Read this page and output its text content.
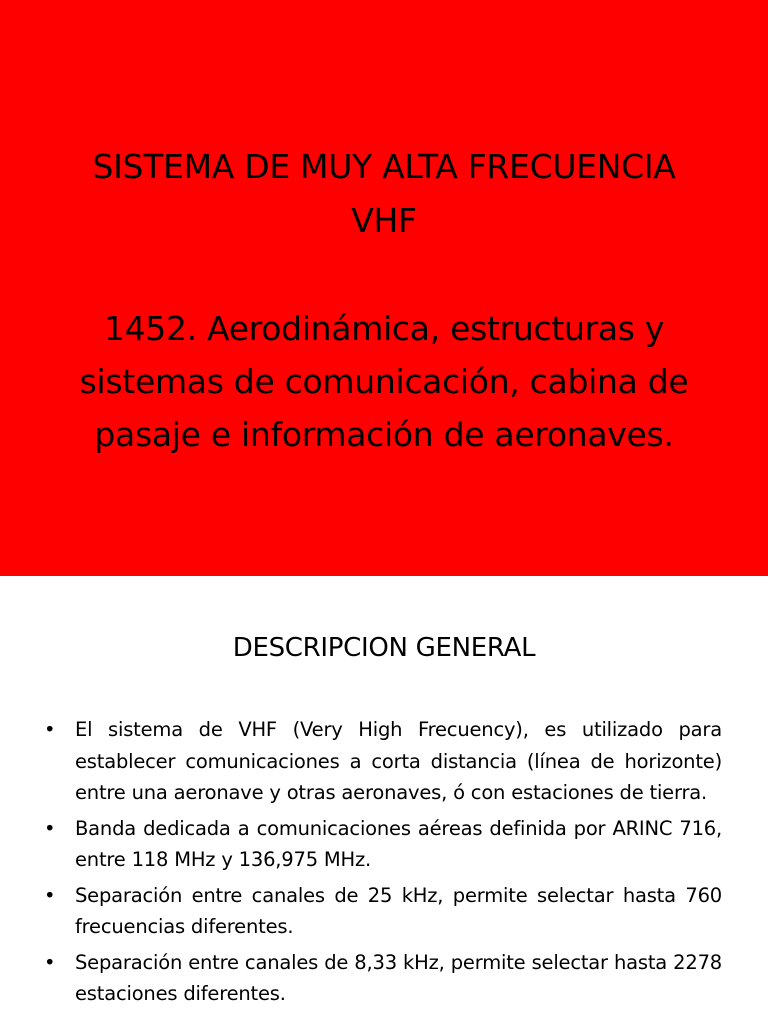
SISTEMA DE MUY ALTA FRECUENCIA
VHF
1452. Aerodinámica, estructuras y sistemas de comunicación, cabina de pasaje e información de aeronaves.
DESCRIPCION GENERAL
• El sistema de VHF (Very High Frecuency), es utilizado para establecer comunicaciones a corta distancia (línea de horizonte) entre una aeronave y otras aeronaves, ó con estaciones de tierra.
• Banda dedicada a comunicaciones aéreas definida por ARINC 716, entre 118 MHz y 136,975 MHz.
• Separación entre canales de 25 kHz, permite selectar hasta 760 frecuencias diferentes.
• Separación entre canales de 8,33 kHz, permite selectar hasta 2278 estaciones diferentes.
